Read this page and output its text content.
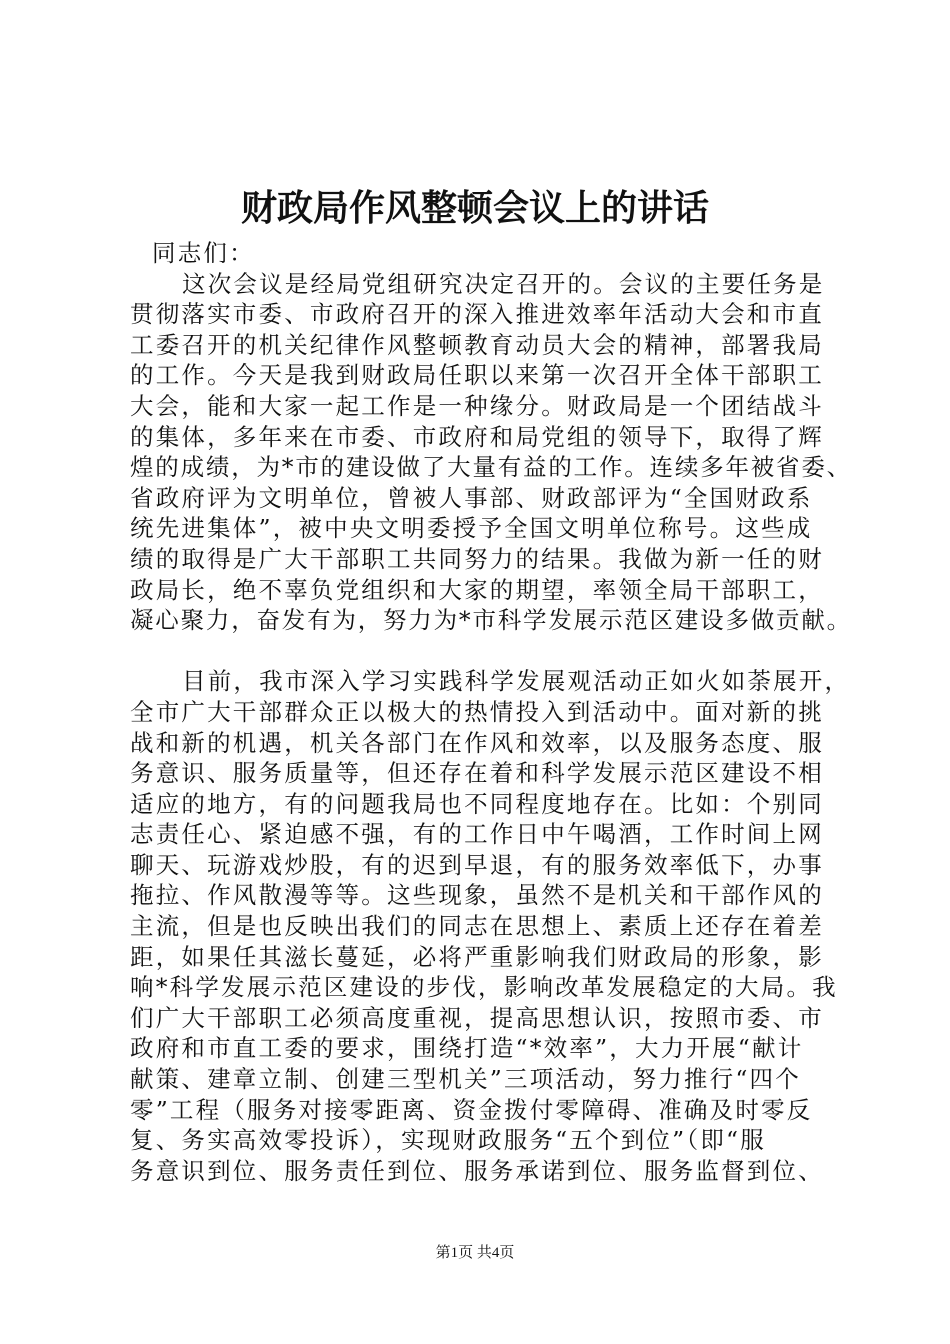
财政局作风整顿会议上的讲话
同志们：
这次会议是经局党组研究决定召开的。会议的主要任务是
贯彻落实市委、市政府召开的深入推进效率年活动大会和市直
工委召开的机关纪律作风整顿教育动员大会的精神，部署我局
的工作。今天是我到财政局任职以来第一次召开全体干部职工
大会，能和大家一起工作是一种缘分。财政局是一个团结战斗
的集体，多年来在市委、市政府和局党组的领导下，取得了辉
煌的成绩，为*市的建设做了大量有益的工作。连续多年被省委、
省政府评为文明单位，曾被人事部、财政部评为“全国财政系
统先进集体”，被中央文明委授予全国文明单位称号。这些成
绩的取得是广大干部职工共同努力的结果。我做为新一任的财
政局长，绝不辜负党组织和大家的期望，率领全局干部职工，
凝心聚力，奋发有为，努力为*市科学发展示范区建设多做贡献。
目前，我市深入学习实践科学发展观活动正如火如荼展开，
全市广大干部群众正以极大的热情投入到活动中。面对新的挑
战和新的机遇，机关各部门在作风和效率，以及服务态度、服
务意识、服务质量等，但还存在着和科学发展示范区建设不相
适应的地方，有的问题我局也不同程度地存在。比如：个别同
志责任心、紧迫感不强，有的工作日中午喝酒，工作时间上网
聊天、玩游戏炒股，有的迟到早退，有的服务效率低下，办事
拖拉、作风散漫等等。这些现象，虽然不是机关和干部作风的
主流，但是也反映出我们的同志在思想上、素质上还存在着差
距，如果任其滋长蔓延，必将严重影响我们财政局的形象，影
响*科学发展示范区建设的步伐，影响改革发展稳定的大局。我
们广大干部职工必须高度重视，提高思想认识，按照市委、市
政府和市直工委的要求，围绕打造“*效率”，大力开展“献计
献策、建章立制、创建三型机关”三项活动，努力推行“四个
零”工程（服务对接零距离、资金拨付零障碍、准确及时零反
复、务实高效零投诉），实现财政服务“五个到位”（即“服
务意识到位、服务责任到位、服务承诺到位、服务监督到位、
第1页 共4页
